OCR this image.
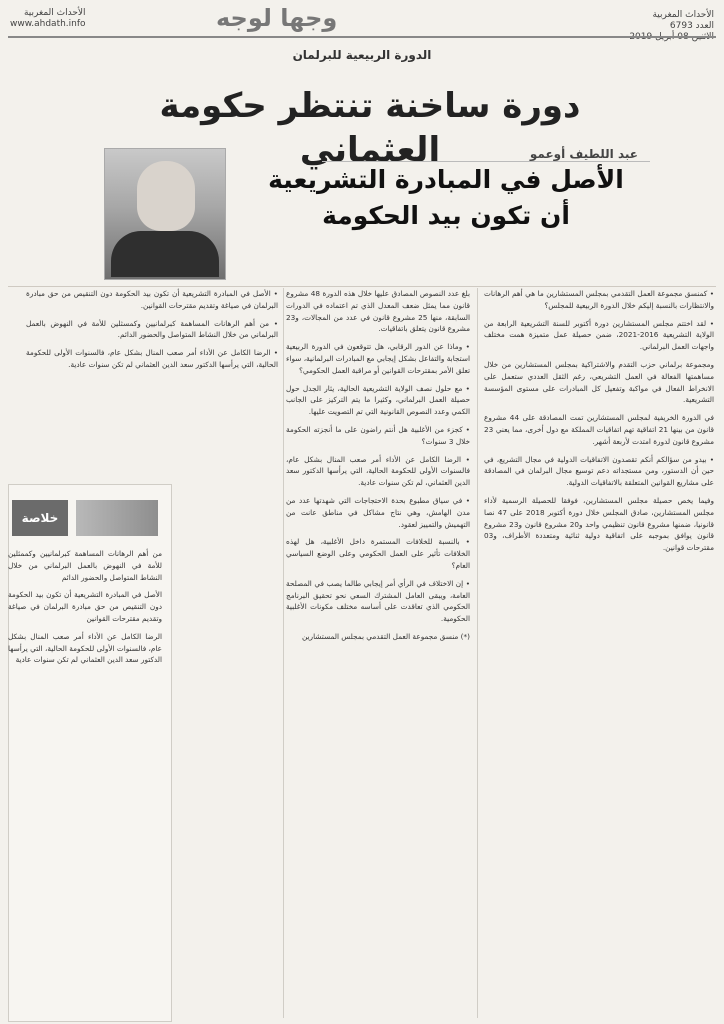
الأحداث المغربية
www.ahdath.info	وجها لوجه	الأحداث المغربية
العدد 6793
الاثنين 08 أبريل 2019
الدورة الربيعية للبرلمان
دورة ساخنة تنتظر حكومة العثماني	عبد اللطيف أوعمو
الأصل في المبادرة التشريعية
أن تكون بيد الحكومة

• كمنسق مجموعة العمل التقدمي بمجلس المستشارين ما هي أهم الرهانات والانتظارات بالنسبة إليكم خلال الدورة الربيعية للمجلس؟

• لقد اختتم مجلس المستشارين دورة أكتوبر للسنة التشريعية الرابعة من الولاية التشريعية 2016-2021، ضمن حصيلة عمل متميزة همت مختلف واجهات العمل البرلماني.

ومجموعة برلماني حزب التقدم والاشتراكية بمجلس المستشارين من خلال مساهمتها الفعالة في العمل التشريعي، رغم الثقل العددي ستعمل على الانخراط الفعال في مواكبة وتفعيل كل المبادرات على مستوى المؤسسة التشريعية.

في الدورة الخريفية لمجلس المستشارين تمت المصادقة على 44 مشروع قانون من بينها 21 اتفاقية تهم اتفاقيات المملكة مع دول أخرى، مما يعني 23 مشروع قانون لدورة امتدت لأربعة أشهر.

• بيدو من سؤالكم أنكم تقصدون الاتفاقيات الدولية في مجال التشريع، في حين أن الدستور، ومن مستجداته دعم توسيع مجال البرلمان في المصادقة على مشاريع القوانين المتعلقة بالاتفاقيات الدولية.

وفيما يخص حصيلة مجلس المستشارين، فوفقا للحصيلة الرسمية لأداء مجلس المستشارين، صادق المجلس خلال دورة أكتوبر 2018 على 47 نصا قانونيا، ضمنها مشروع قانون تنظيمي واحد و20 مشروع قانون و23 مشروع قانون يوافق بموجبه على اتفاقية دولية ثنائية ومتعددة الأطراف، و03 مقترحات قوانين.

بلغ عدد النصوص المصادق عليها خلال هذه الدورة 48 مشروع قانون مما يمثل ضعف المعدل الذي تم اعتماده في الدورات السابقة، منها 25 مشروع قانون في عدد من المجالات، و23 مشروع قانون يتعلق باتفاقيات.

• وماذا عن الدور الرقابي، هل تتوقعون في الدورة الربيعية استجابة والتفاعل بشكل إيجابي مع المبادرات البرلمانية، سواء تعلق الأمر بمقترحات القوانين أو مراقبة العمل الحكومي؟

• مع حلول نصف الولاية التشريعية الحالية، يثار الجدل حول حصيلة العمل البرلماني، وكثيرا ما يتم التركيز على الجانب الكمي وعدد النصوص القانونية التي تم التصويت عليها.

• كجزء من الأغلبية هل أنتم راضون على ما أنجزته الحكومة خلال 3 سنوات؟

• الرضا الكامل عن الأداء أمر صعب المنال بشكل عام، فالسنوات الأولى للحكومة الحالية، التي يرأسها الدكتور سعد الدين العثماني، لم تكن سنوات عادية.

• في سياق مطبوع بحدة الاحتجاجات التي شهدتها عدد من مدن الهامش، وهي نتاج مشاكل في مناطق عانت من التهميش والتمييز لعقود.

• بالنسبة للخلافات المستمرة داخل الأغلبية، هل لهذه الخلافات تأثير على العمل الحكومي وعلى الوضع السياسي العام؟

• إن الاختلاف في الرأي أمر إيجابي طالما يصب في المصلحة العامة، ويبقى العامل المشترك السعي نحو تحقيق البرنامج الحكومي الذي تعاقدت على أساسه مختلف مكونات الأغلبية الحكومية.

(*) منسق مجموعة العمل التقدمي بمجلس المستشارين

• الأصل في المبادرة التشريعية أن تكون بيد الحكومة دون التنقيص من حق مبادرة البرلمان في صياغة وتقديم مقترحات القوانين.

• من أهم الرهانات المساهمة كبرلمانيين وكمسثلين للأمة في النهوض بالعمل البرلماني من خلال النشاط المتواصل والحضور الدائم.

• الرضا الكامل عن الأداء أمر صعب المنال بشكل عام، فالسنوات الأولى للحكومة الحالية، التي يرأسها الدكتور سعد الدين العثماني لم تكن سنوات عادية.

خلاصة

من أهم الرهانات المساهمة كبرلمانيين وكممثلين للأمة في النهوض بالعمل البرلماني من خلال النشاط المتواصل والحضور الدائم

الأصل في المبادرة التشريعية أن تكون بيد الحكومة دون التنقيص من حق مبادرة البرلمان في صياغة وتقديم مقترحات القوانين

الرضا الكامل عن الأداء أمر صعب المنال بشكل عام، فالسنوات الأولى للحكومة الحالية، التي يرأسها الدكتور سعد الدين العثماني لم تكن سنوات عادية
